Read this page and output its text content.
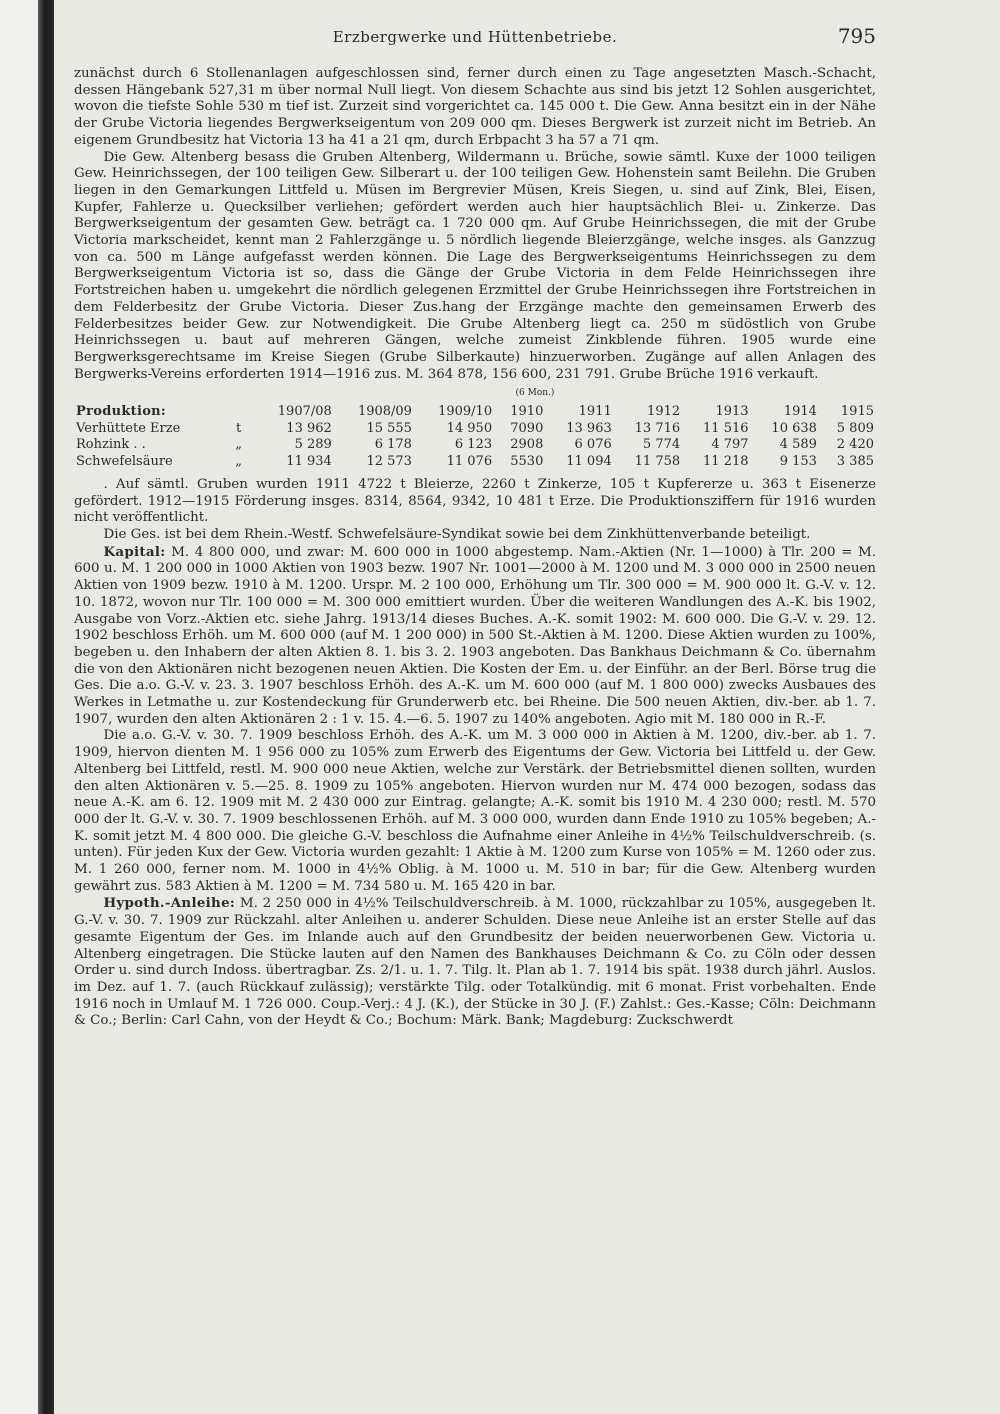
Erzbergwerke und Hüttenbetriebe.	795

zunächst durch 6 Stollenanlagen aufgeschlossen sind, ferner durch einen zu Tage angesetzten Masch.-Schacht, dessen Hängebank 527,31 m über normal Null liegt. Von diesem Schachte aus sind bis jetzt 12 Sohlen ausgerichtet, wovon die tiefste Sohle 530 m tief ist. Zurzeit sind vorgerichtet ca. 145 000 t. Die Gew. Anna besitzt ein in der Nähe der Grube Victoria liegendes Bergwerkseigentum von 209 000 qm. Dieses Bergwerk ist zurzeit nicht im Betrieb. An eigenem Grundbesitz hat Victoria 13 ha 41 a 21 qm, durch Erbpacht 3 ha 57 a 71 qm.

Die Gew. Altenberg besass die Gruben Altenberg, Wildermann u. Brüche, sowie sämtl. Kuxe der 1000 teiligen Gew. Heinrichssegen, der 100 teiligen Gew. Silberart u. der 100 teiligen Gew. Hohenstein samt Beilehn. Die Gruben liegen in den Gemarkungen Littfeld u. Müsen im Bergrevier Müsen, Kreis Siegen, u. sind auf Zink, Blei, Eisen, Kupfer, Fahlerze u. Quecksilber verliehen; gefördert werden auch hier hauptsächlich Blei- u. Zinkerze. Das Bergwerkseigentum der gesamten Gew. beträgt ca. 1 720 000 qm. Auf Grube Heinrichssegen, die mit der Grube Victoria markscheidet, kennt man 2 Fahlerzgänge u. 5 nördlich liegende Bleierzgänge, welche insges. als Ganzzug von ca. 500 m Länge aufgefasst werden können. Die Lage des Bergwerkseigentums Heinrichssegen zu dem Bergwerkseigentum Victoria ist so, dass die Gänge der Grube Victoria in dem Felde Heinrichssegen ihre Fortstreichen haben u. umgekehrt die nördlich gelegenen Erzmittel der Grube Heinrichssegen ihre Fortstreichen in dem Felderbesitz der Grube Victoria. Dieser Zus.hang der Erzgänge machte den gemeinsamen Erwerb des Felderbesitzes beider Gew. zur Notwendigkeit. Die Grube Altenberg liegt ca. 250 m südöstlich von Grube Heinrichssegen u. baut auf mehreren Gängen, welche zumeist Zinkblende führen. 1905 wurde eine Bergwerksgerechtsame im Kreise Siegen (Grube Silberkaute) hinzuerworben. Zugänge auf allen Anlagen des Bergwerks-Vereins erforderten 1914—1916 zus. M. 364 878, 156 600, 231 791. Grube Brüche 1916 verkauft.

(6 Mon.)
Produktion:		1907/08	1908/09	1909/10	1910	1911	1912	1913	1914	1915
Verhüttete Erze	t	13 962	15 555	14 950	7090	13 963	13 716	11 516	10 638	5 809
Rohzink . .	„	5 289	6 178	6 123	2908	6 076	5 774	4 797	4 589	2 420
Schwefelsäure	„	11 934	12 573	11 076	5530	11 094	11 758	11 218	9 153	3 385

. Auf sämtl. Gruben wurden 1911 4722 t Bleierze, 2260 t Zinkerze, 105 t Kupfererze u. 363 t Eisenerze gefördert. 1912—1915 Förderung insges. 8314, 8564, 9342, 10 481 t Erze. Die Produktionsziffern für 1916 wurden nicht veröffentlicht.

Die Ges. ist bei dem Rhein.-Westf. Schwefelsäure-Syndikat sowie bei dem Zinkhüttenverbande beteiligt.

Kapital: M. 4 800 000, und zwar: M. 600 000 in 1000 abgestemp. Nam.-Aktien (Nr. 1—1000) à Tlr. 200 = M. 600 u. M. 1 200 000 in 1000 Aktien von 1903 bezw. 1907 Nr. 1001—2000 à M. 1200 und M. 3 000 000 in 2500 neuen Aktien von 1909 bezw. 1910 à M. 1200. Urspr. M. 2 100 000, Erhöhung um Tlr. 300 000 = M. 900 000 lt. G.-V. v. 12. 10. 1872, wovon nur Tlr. 100 000 = M. 300 000 emittiert wurden. Über die weiteren Wandlungen des A.-K. bis 1902, Ausgabe von Vorz.-Aktien etc. siehe Jahrg. 1913/14 dieses Buches. A.-K. somit 1902: M. 600 000. Die G.-V. v. 29. 12. 1902 beschloss Erhöh. um M. 600 000 (auf M. 1 200 000) in 500 St.-Aktien à M. 1200. Diese Aktien wurden zu 100%, begeben u. den Inhabern der alten Aktien 8. 1. bis 3. 2. 1903 angeboten. Das Bankhaus Deichmann & Co. übernahm die von den Aktionären nicht bezogenen neuen Aktien. Die Kosten der Em. u. der Einführ. an der Berl. Börse trug die Ges. Die a.o. G.-V. v. 23. 3. 1907 beschloss Erhöh. des A.-K. um M. 600 000 (auf M. 1 800 000) zwecks Ausbaues des Werkes in Letmathe u. zur Kostendeckung für Grunderwerb etc. bei Rheine. Die 500 neuen Aktien, div.-ber. ab 1. 7. 1907, wurden den alten Aktionären 2 : 1 v. 15. 4.—6. 5. 1907 zu 140% angeboten. Agio mit M. 180 000 in R.-F.

Die a.o. G.-V. v. 30. 7. 1909 beschloss Erhöh. des A.-K. um M. 3 000 000 in Aktien à M. 1200, div.-ber. ab 1. 7. 1909, hiervon dienten M. 1 956 000 zu 105% zum Erwerb des Eigentums der Gew. Victoria bei Littfeld u. der Gew. Altenberg bei Littfeld, restl. M. 900 000 neue Aktien, welche zur Verstärk. der Betriebsmittel dienen sollten, wurden den alten Aktionären v. 5.—25. 8. 1909 zu 105% angeboten. Hiervon wurden nur M. 474 000 bezogen, sodass das neue A.-K. am 6. 12. 1909 mit M. 2 430 000 zur Eintrag. gelangte; A.-K. somit bis 1910 M. 4 230 000; restl. M. 570 000 der lt. G.-V. v. 30. 7. 1909 beschlossenen Erhöh. auf M. 3 000 000, wurden dann Ende 1910 zu 105% begeben; A.-K. somit jetzt M. 4 800 000. Die gleiche G.-V. beschloss die Aufnahme einer Anleihe in 4½% Teilschuldverschreib. (s. unten). Für jeden Kux der Gew. Victoria wurden gezahlt: 1 Aktie à M. 1200 zum Kurse von 105% = M. 1260 oder zus. M. 1 260 000, ferner nom. M. 1000 in 4½% Oblig. à M. 1000 u. M. 510 in bar; für die Gew. Altenberg wurden gewährt zus. 583 Aktien à M. 1200 = M. 734 580 u. M. 165 420 in bar.

Hypoth.-Anleihe: M. 2 250 000 in 4½% Teilschuldverschreib. à M. 1000, rückzahlbar zu 105%, ausgegeben lt. G.-V. v. 30. 7. 1909 zur Rückzahl. alter Anleihen u. anderer Schulden. Diese neue Anleihe ist an erster Stelle auf das gesamte Eigentum der Ges. im Inlande auch auf den Grundbesitz der beiden neuerworbenen Gew. Victoria u. Altenberg eingetragen. Die Stücke lauten auf den Namen des Bankhauses Deichmann & Co. zu Cöln oder dessen Order u. sind durch Indoss. übertragbar. Zs. 2/1. u. 1. 7. Tilg. lt. Plan ab 1. 7. 1914 bis spät. 1938 durch jährl. Auslos. im Dez. auf 1. 7. (auch Rückkauf zulässig); verstärkte Tilg. oder Totalkündig. mit 6 monat. Frist vorbehalten. Ende 1916 noch in Umlauf M. 1 726 000. Coup.-Verj.: 4 J. (K.), der Stücke in 30 J. (F.) Zahlst.: Ges.-Kasse; Cöln: Deichmann & Co.; Berlin: Carl Cahn, von der Heydt & Co.; Bochum: Märk. Bank; Magdeburg: Zuckschwerdt
